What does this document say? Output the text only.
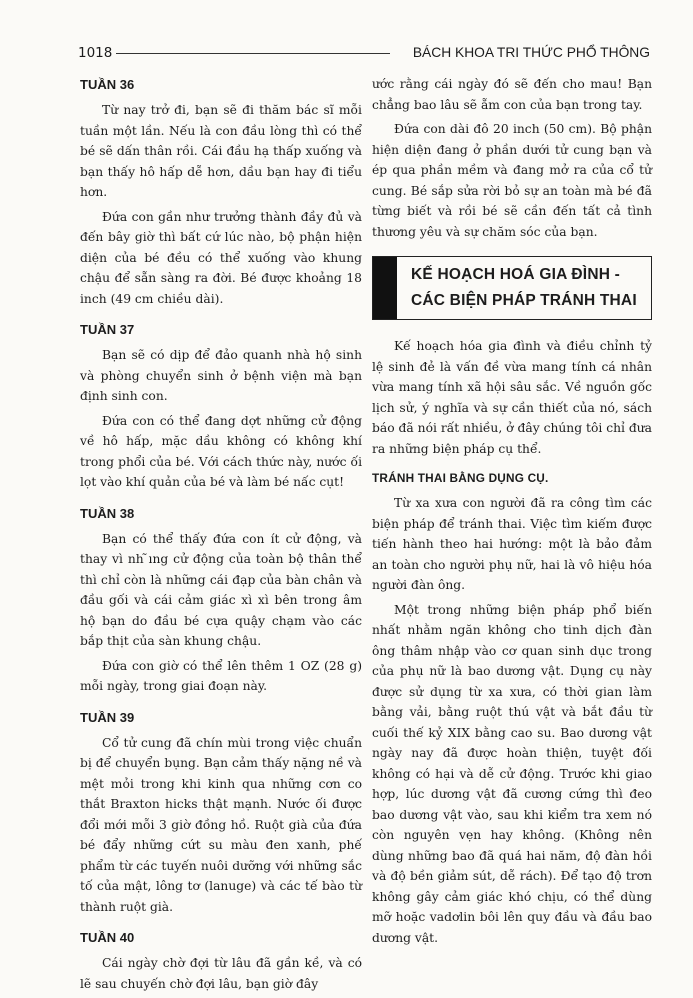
1018	BÁCH KHOA TRI THỨC PHỔ THÔNG
TUẦN 36

Từ nay trở đi, bạn sẽ đi thăm bác sĩ mỗi tuần một lần. Nếu là con đầu lòng thì có thể bé sẽ dấn thân rồi. Cái đầu hạ thấp xuống và bạn thấy hô hấp dễ hơn, dầu bạn hay đi tiểu hơn.

Đứa con gần như trưởng thành đầy đủ và đến bây giờ thì bất cứ lúc nào, bộ phận hiện diện của bé đều có thể xuống vào khung chậu để sẵn sàng ra đời. Bé được khoảng 18 inch (49 cm chiều dài).

TUẦN 37

Bạn sẽ có dịp để đảo quanh nhà hộ sinh và phòng chuyển sinh ở bệnh viện mà bạn định sinh con.

Đứa con có thể đang dợt những cử động về hô hấp, mặc dầu không có không khí trong phổi của bé. Với cách thức này, nước ối lọt vào khí quản của bé và làm bé nấc cụt!

TUẦN 38

Bạn có thể thấy đứa con ít cử động, và thay vì nh ̃ıng cử động của toàn bộ thân thể thì chỉ còn là những cái đạp của bàn chân và đầu gối và cái cảm giác xì xì bên trong âm hộ bạn do đầu bé cựa quậy chạm vào các bắp thịt của sàn khung chậu.

Đứa con giờ có thể lên thêm 1 OZ (28 g) mỗi ngày, trong giai đoạn này.

TUẦN 39

Cổ tử cung đã chín mùi trong việc chuẩn bị để chuyển bụng. Bạn cảm thấy nặng nề và mệt mỏi trong khi kinh qua những cơn co thắt Braxton hicks thật mạnh. Nước ối được đổi mới mỗi 3 giờ đồng hồ. Ruột già của đứa bé đẩy những cứt su màu đen xanh, phế phẩm từ các tuyến nuôi dưỡng với những sắc tố của mật, lông tơ (lanuge) và các tế bào từ thành ruột già.

TUẦN 40

Cái ngày chờ đợi từ lâu đã gần kề, và có lẽ sau chuyến chờ đợi lâu, bạn giờ đây

ước rằng cái ngày đó sẽ đến cho mau! Bạn chẳng bao lâu sẽ ẵm con của bạn trong tay.

Đứa con dài đô 20 inch (50 cm). Bộ phận hiện diện đang ở phần dưới tử cung bạn và ép qua phần mềm và đang mở ra của cổ tử cung. Bé sắp sửa rời bỏ sự an toàn mà bé đã từng biết và rồi bé sẽ cần đến tất cả tình thương yêu và sự chăm sóc của bạn.

KẾ HOẠCH HOÁ GIA ĐÌNH -
CÁC BIỆN PHÁP TRÁNH THAI

Kế hoạch hóa gia đình và điều chỉnh tỷ lệ sinh đẻ là vấn đề vừa mang tính cá nhân vừa mang tính xã hội sâu sắc. Về nguồn gốc lịch sử, ý nghĩa và sự cần thiết của nó, sách báo đã nói rất nhiều, ở đây chúng tôi chỉ đưa ra những biện pháp cụ thể.

TRÁNH THAI BẰNG DỤNG CỤ.

Từ xa xưa con người đã ra công tìm các biện pháp để tránh thai. Việc tìm kiếm được tiến hành theo hai hướng: một là bảo đảm an toàn cho người phụ nữ, hai là vô hiệu hóa người đàn ông.

Một trong những biện pháp phổ biến nhất nhằm ngăn không cho tinh dịch đàn ông thâm nhập vào cơ quan sinh dục trong của phụ nữ là bao dương vật. Dụng cụ này được sử dụng từ xa xưa, có thời gian làm bằng vải, bằng ruột thú vật và bắt đầu từ cuối thế kỷ XIX bằng cao su. Bao dương vật ngày nay đã được hoàn thiện, tuyệt đối không có hại và dễ cử động. Trước khi giao hợp, lúc dương vật đã cương cứng thì đeo bao dương vật vào, sau khi kiểm tra xem nó còn nguyên vẹn hay không. (Không nên dùng những bao đã quá hai năm, độ đàn hồi và độ bền giảm sút, dễ rách). Để tạo độ trơn không gây cảm giác khó chịu, có thể dùng mỡ hoặc vadơlin bôi lên quy đầu và đầu bao dương vật.
